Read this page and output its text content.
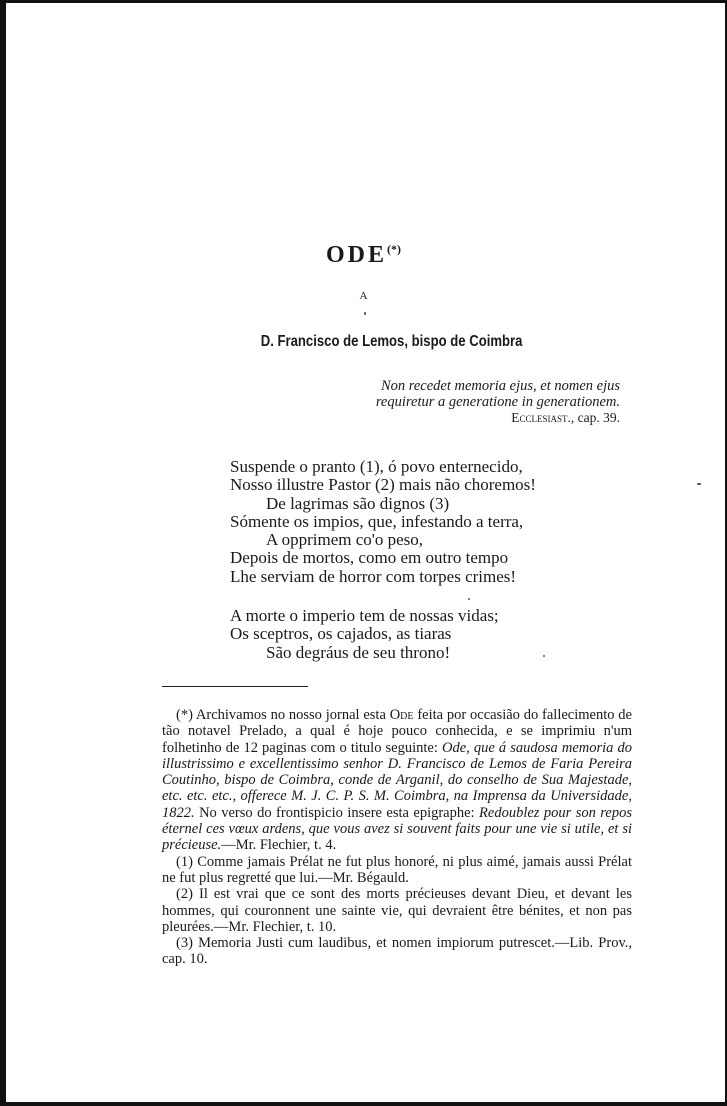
ODE(*)
A
D. Francisco de Lemos, bispo de Coimbra
Non recedet memoria ejus, et nomen ejus
requiretur a generatione in generationem.
Ecclesiast., cap. 39.
Suspende o pranto (1), ó povo enternecido,
Nosso illustre Pastor (2) mais não choremos!
De lagrimas são dignos (3)
Sómente os impios, que, infestando a terra,
A opprimem co'o peso,
Depois de mortos, como em outro tempo
Lhe serviam de horror com torpes crimes!
A morte o imperio tem de nossas vidas;
Os sceptros, os cajados, as tiaras
São degráus de seu throno!

(*) Archivamos no nosso jornal esta Ode feita por occasião do fallecimento de tão notavel Prelado, a qual é hoje pouco conhecida, e se imprimiu n'um folhetinho de 12 paginas com o titulo seguinte: Ode, que á saudosa memoria do illustrissimo e excellentissimo senhor D. Francisco de Lemos de Faria Pereira Coutinho, bispo de Coimbra, conde de Arganil, do conselho de Sua Majestade, etc. etc. etc., offerece M. J. C. P. S. M. Coimbra, na Imprensa da Universidade, 1822. No verso do frontispicio insere esta epigraphe: Redoublez pour son repos éternel ces vœux ardens, que vous avez si souvent faits pour une vie si utile, et si précieuse.—Mr. Flechier, t. 4.

(1) Comme jamais Prélat ne fut plus honoré, ni plus aimé, jamais aussi Prélat ne fut plus regretté que lui.—Mr. Bégauld.

(2) Il est vrai que ce sont des morts précieuses devant Dieu, et devant les hommes, qui couronnent une sainte vie, qui devraient être bénites, et non pas pleurées.—Mr. Flechier, t. 10.

(3) Memoria Justi cum laudibus, et nomen impiorum putrescet.—Lib. Prov., cap. 10.
